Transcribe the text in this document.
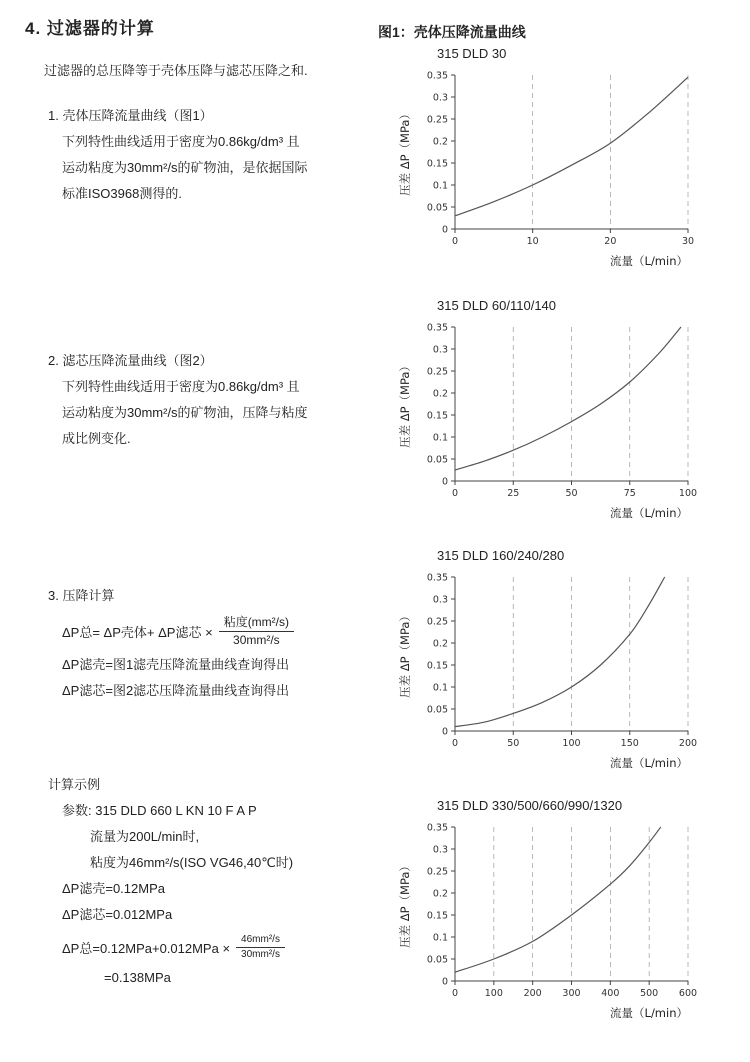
4. 过滤器的计算

过滤器的总压降等于壳体压降与滤芯压降之和.

1. 壳体压降流量曲线（图1）
下列特性曲线适用于密度为0.86kg/dm³ 且
运动粘度为30mm²/s的矿物油，是依据国际
标准ISO3968测得的.
2. 滤芯压降流量曲线（图2）
下列特性曲线适用于密度为0.86kg/dm³ 且
运动粘度为30mm²/s的矿物油，压降与粘度
成比例变化.
3. 压降计算
ΔP总= ΔP壳体+ ΔP滤芯 × $\frac{\text{粘度(mm²/s)}}{\text{30mm²/s}}$
ΔP滤壳=图1滤壳压降流量曲线查询得出
ΔP滤芯=图2滤芯压降流量曲线查询得出
计算示例
参数: 315 DLD 660 L KN 10 F A P
流量为200L/min时,
粘度为46mm²/s(ISO VG46,40℃时)
ΔP滤壳=0.12MPa
ΔP滤芯=0.012MPa
ΔP总$=0.12MPa+0.012MPa \times \frac{\text{46mm²/s}}{\text{30mm²/s}}$
=0.138MPa
图1：壳体压降流量曲线
315 DLD 30
0
0.05
0.1
0.15
0.2
0.25
0.3
0.35
0	10	20	30
压差 ΔP（MPa）
流量（L/min）
315 DLD 60/110/140
0
0.05
0.1
0.15
0.2
0.25
0.3
0.35
0	25	50	75	100
压差 ΔP（MPa）
流量（L/min）
315 DLD 160/240/280
0
0.05
0.1
0.15
0.2
0.25
0.3
0.35
0	50	100	150	200
压差 ΔP（MPa）
流量（L/min）
315 DLD 330/500/660/990/1320
0
0.05
0.1
0.15
0.2
0.25
0.3
0.35
0	100 200 300 400 500 600
压差 ΔP（MPa）
流量（L/min）
